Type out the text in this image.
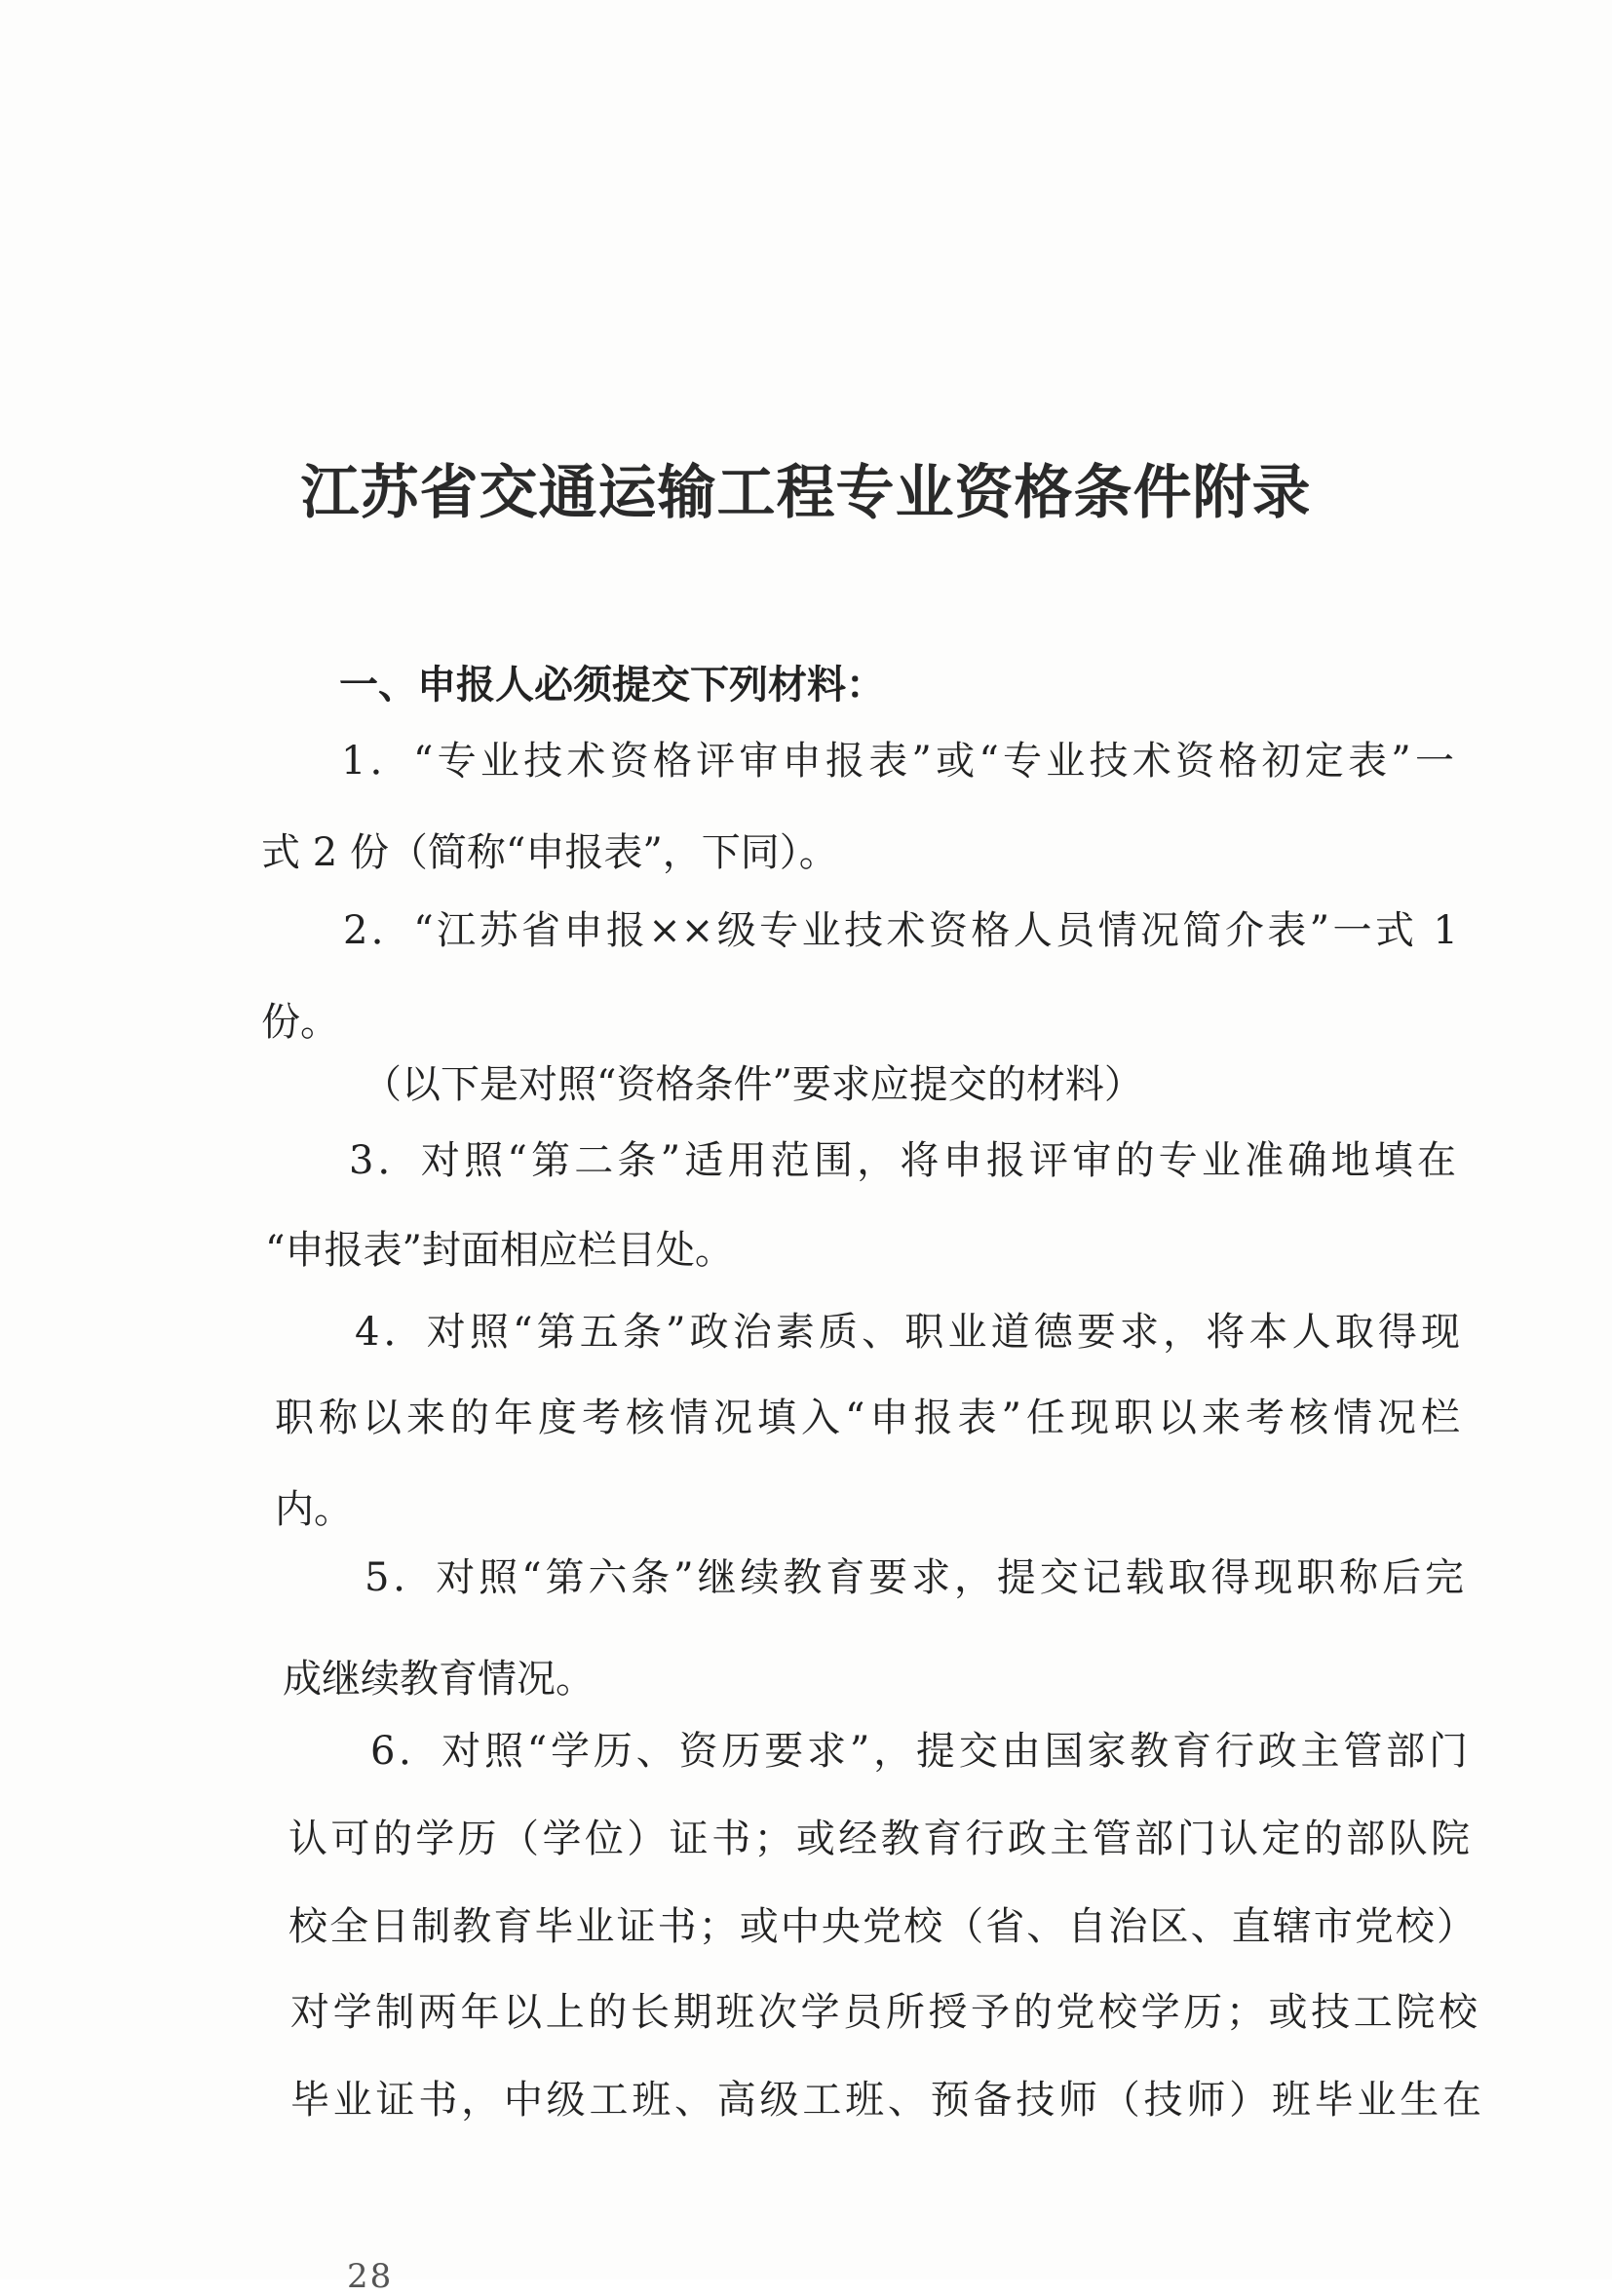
江苏省交通运输工程专业资格条件附录
一、申报人必须提交下列材料：
1．“专业技术资格评审申报表”或“专业技术资格初定表”一
式 2 份（简称“申报表”，下同）。
2．“江苏省申报××级专业技术资格人员情况简介表”一式 1
份。
（以下是对照“资格条件”要求应提交的材料）
3．对照“第二条”适用范围，将申报评审的专业准确地填在
“申报表”封面相应栏目处。
4．对照“第五条”政治素质、职业道德要求，将本人取得现
职称以来的年度考核情况填入“申报表”任现职以来考核情况栏
内。
5．对照“第六条”继续教育要求，提交记载取得现职称后完
成继续教育情况。
6．对照“学历、资历要求”，提交由国家教育行政主管部门
认可的学历（学位）证书；或经教育行政主管部门认定的部队院
校全日制教育毕业证书；或中央党校（省、自治区、直辖市党校）
对学制两年以上的长期班次学员所授予的党校学历；或技工院校
毕业证书，中级工班、高级工班、预备技师（技师）班毕业生在
28
